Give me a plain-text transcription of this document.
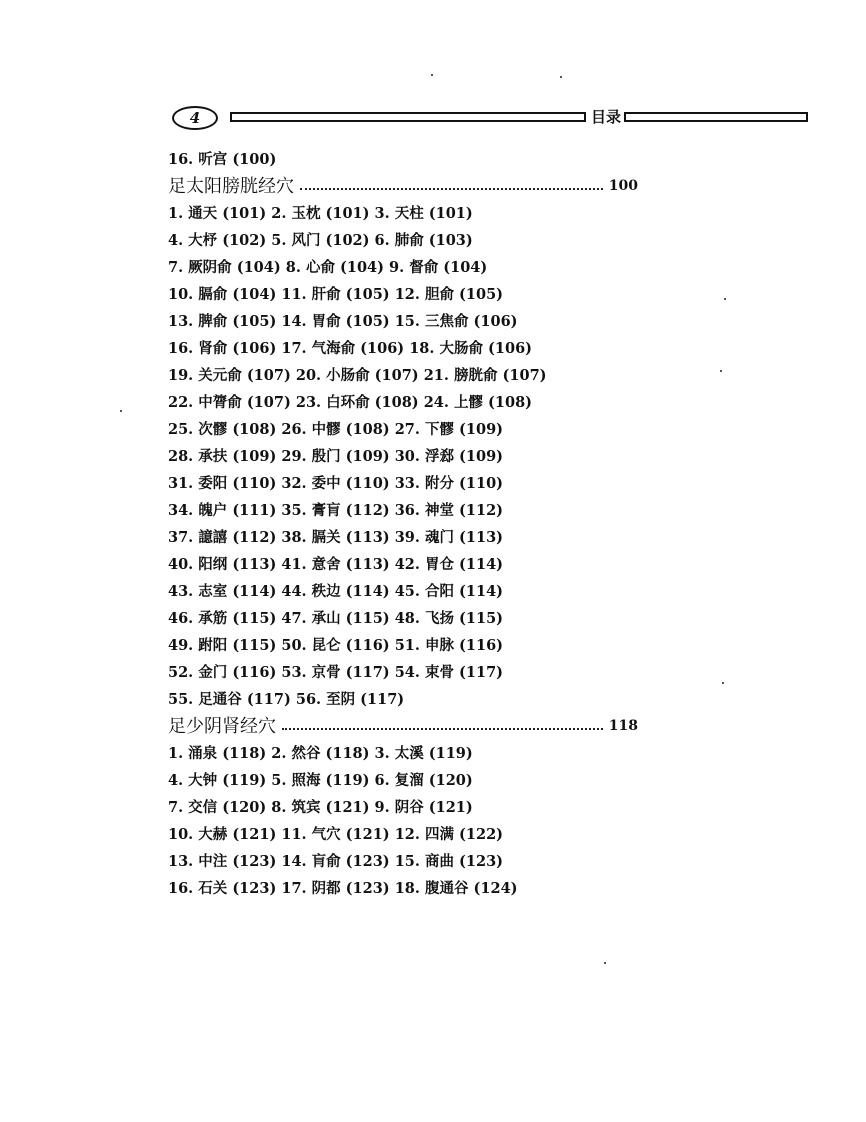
4	目录
16. 听宫 (100)
足太阳膀胱经穴	100
1. 通天 (101) 2. 玉枕 (101) 3. 天柱 (101)
4. 大杼 (102) 5. 风门 (102) 6. 肺俞 (103)
7. 厥阴俞 (104) 8. 心俞 (104) 9. 督俞 (104)
10. 膈俞 (104) 11. 肝俞 (105) 12. 胆俞 (105)
13. 脾俞 (105) 14. 胃俞 (105) 15. 三焦俞 (106)
16. 肾俞 (106) 17. 气海俞 (106) 18. 大肠俞 (106)
19. 关元俞 (107) 20. 小肠俞 (107) 21. 膀胱俞 (107)
22. 中膂俞 (107) 23. 白环俞 (108) 24. 上髎 (108)
25. 次髎 (108) 26. 中髎 (108) 27. 下髎 (109)
28. 承扶 (109) 29. 殷门 (109) 30. 浮郄 (109)
31. 委阳 (110) 32. 委中 (110) 33. 附分 (110)
34. 魄户 (111) 35. 膏肓 (112) 36. 神堂 (112)
37. 譩譆 (112) 38. 膈关 (113) 39. 魂门 (113)
40. 阳纲 (113) 41. 意舍 (113) 42. 胃仓 (114)
43. 志室 (114) 44. 秩边 (114) 45. 合阳 (114)
46. 承筋 (115) 47. 承山 (115) 48. 飞扬 (115)
49. 跗阳 (115) 50. 昆仑 (116) 51. 申脉 (116)
52. 金门 (116) 53. 京骨 (117) 54. 束骨 (117)
55. 足通谷 (117) 56. 至阴 (117)
足少阴肾经穴	118
1. 涌泉 (118) 2. 然谷 (118) 3. 太溪 (119)
4. 大钟 (119) 5. 照海 (119) 6. 复溜 (120)
7. 交信 (120) 8. 筑宾 (121) 9. 阴谷 (121)
10. 大赫 (121) 11. 气穴 (121) 12. 四满 (122)
13. 中注 (123) 14. 肓俞 (123) 15. 商曲 (123)
16. 石关 (123) 17. 阴都 (123) 18. 腹通谷 (124)
